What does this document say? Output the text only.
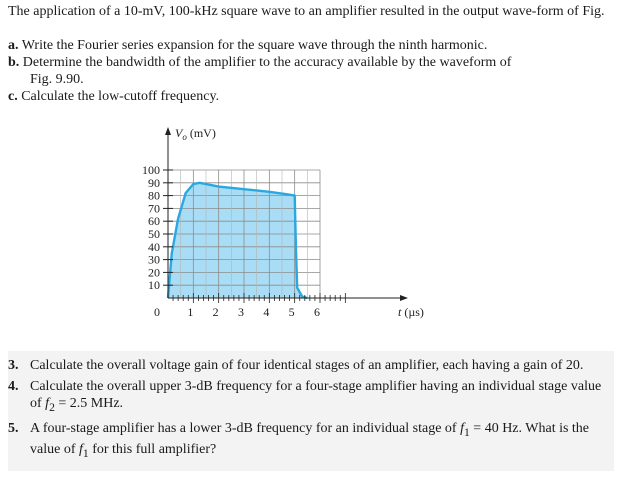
The application of a 10-mV, 100-kHz square wave to an amplifier resulted in the output wave-form of Fig.
a. Write the Fourier series expansion for the square wave through the ninth harmonic.
b. Determine the bandwidth of the amplifier to the accuracy available by the waveform of
Fig. 9.90.
c. Calculate the low-cutoff frequency.
10
20
30
40
50
60
70
80
90
100
0 1 2 3 4 5 6
$V_o$ (mV)
t (µs)
3. Calculate the overall voltage gain of four identical stages of an amplifier, each having a gain of 20.
4. Calculate the overall upper 3-dB frequency for a four-stage amplifier having an individual stage value of $f_2 = 2.5$ MHz.
5. A four-stage amplifier has a lower 3-dB frequency for an individual stage of $f_1 = 40$ Hz. What is the value of $f_1$ for this full amplifier?
